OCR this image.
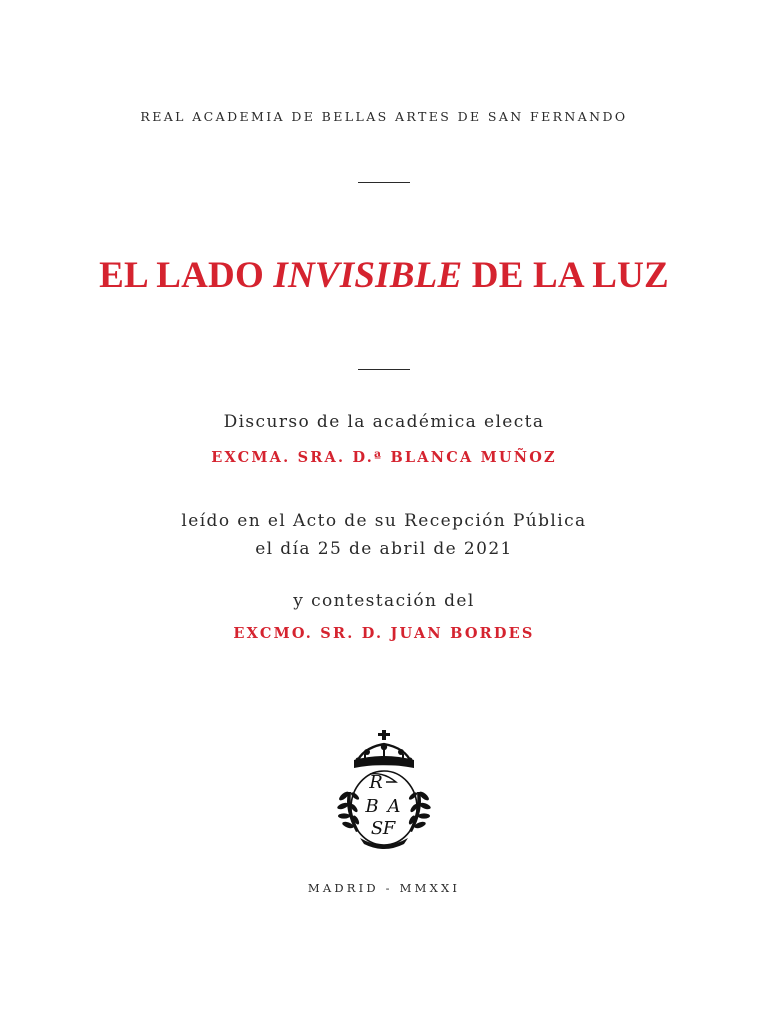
REAL ACADEMIA DE BELLAS ARTES DE SAN FERNANDO
EL LADO INVISIBLE DE LA LUZ
Discurso de la académica electa
EXCMA. SRA. D.ª BLANCA MUÑOZ
leído en el Acto de su Recepción Pública
el día 25 de abril de 2021
y contestación del
EXCMO. SR. D. JUAN BORDES
R
B A
S F
MADRID - MMXXI
